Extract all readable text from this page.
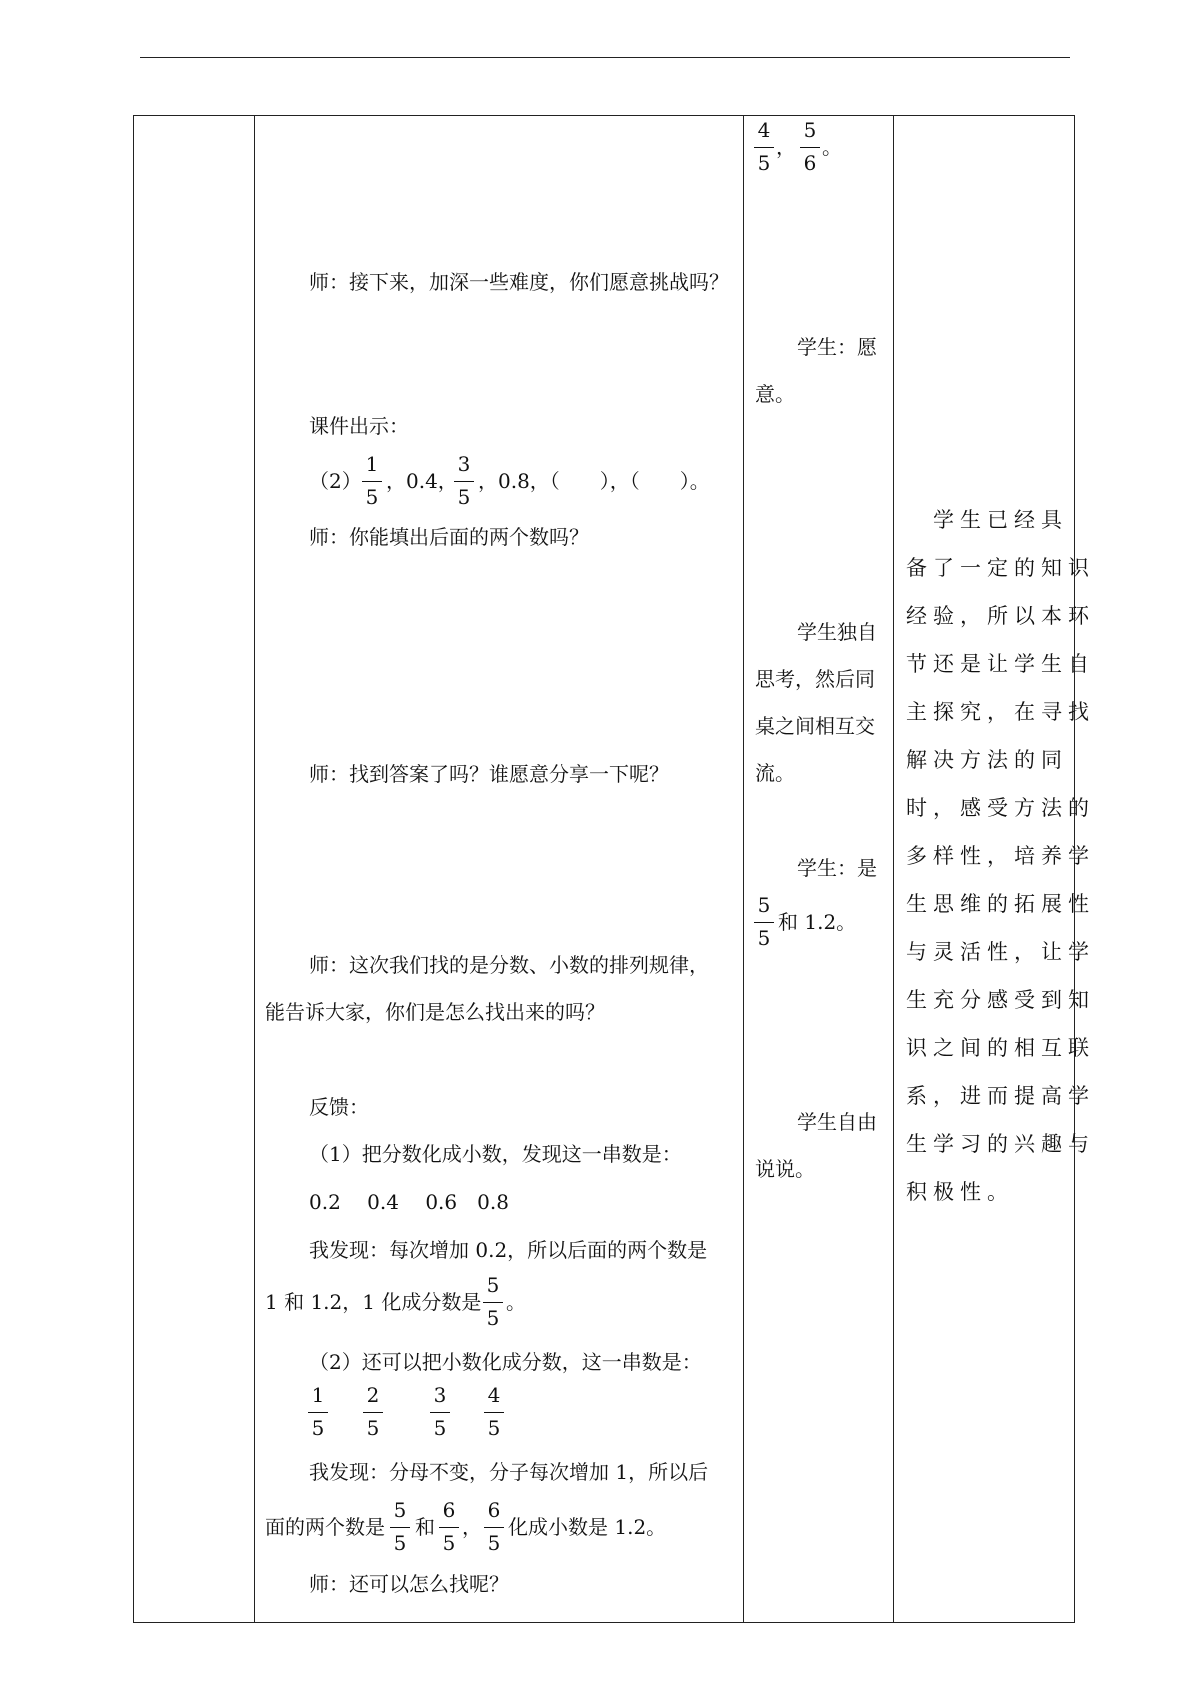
4
5
，
5
6
。
学生：愿
意。
学生独自
思考，然后同
桌之间相互交
流。
学生：是
5
5
和 1.2。
学生自由
说说。
师：接下来，加深一些难度，你们愿意挑战吗？
课件出示：
（2）
1
5
，0.4，
3
5
，0.8，（　　），（　　）。
师：你能填出后面的两个数吗？
师：找到答案了吗？谁愿意分享一下呢？
师：这次我们找的是分数、小数的排列规律，
能告诉大家，你们是怎么找出来的吗？
反馈：
（1）把分数化成小数，发现这一串数是：
0.2　 0.4　 0.6　0.8
我发现：每次增加 0.2，所以后面的两个数是
1 和 1.2，1 化成分数是
5
5
。
（2）还可以把小数化成分数，这一串数是：
1
5
2
5
3
5
4
5
我发现：分母不变，分子每次增加 1，所以后
面的两个数是
5
5
和
6
5
，
6
5
化成小数是 1.2。
师：还可以怎么找呢？
学生已经具
备了一定的知识
经验，所以本环
节还是让学生自
主探究，在寻找
解决方法的同
时，感受方法的
多样性，培养学
生思维的拓展性
与灵活性，让学
生充分感受到知
识之间的相互联
系，进而提高学
生学习的兴趣与
积极性。
